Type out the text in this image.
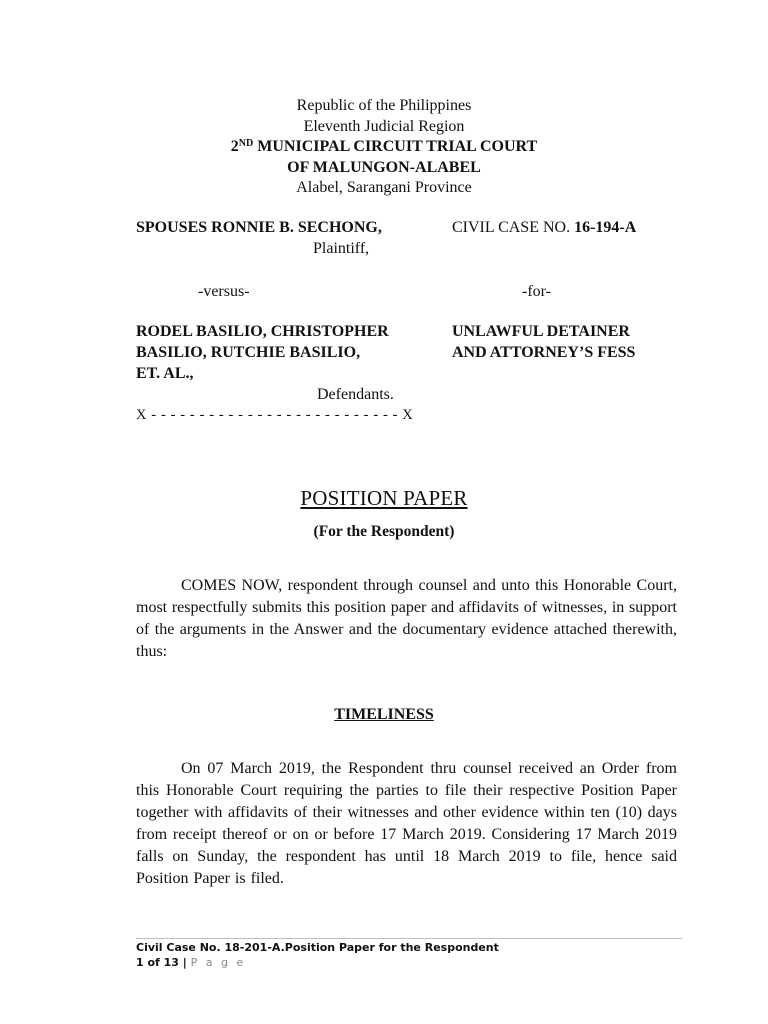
Republic of the Philippines
Eleventh Judicial Region
2ND MUNICIPAL CIRCUIT TRIAL COURT
OF MALUNGON-ALABEL
Alabel, Sarangani Province
SPOUSES RONNIE B. SECHONG,
Plaintiff,
-versus-
RODEL BASILIO, CHRISTOPHER
BASILIO, RUTCHIE BASILIO,
ET. AL.,
Defendants.
X - - - - - - - - - - - - - - - - - - - - - - - - - - X
CIVIL CASE NO. 16-194-A
-for-
UNLAWFUL DETAINER
AND ATTORNEY’S FESS
POSITION PAPER
(For the Respondent)
COMES NOW, respondent through counsel and unto this Honorable Court, most respectfully submits this position paper and affidavits of witnesses, in support of the arguments in the Answer and the documentary evidence attached therewith, thus:
TIMELINESS
On 07 March 2019, the Respondent thru counsel received an Order from this Honorable Court requiring the parties to file their respective Position Paper together with affidavits of their witnesses and other evidence within ten (10) days from receipt thereof or on or before 17 March 2019. Considering 17 March 2019 falls on Sunday, the respondent has until 18 March 2019 to file, hence said Position Paper is filed.
Civil Case No. 18-201-A.Position Paper for the Respondent
1 of 13 | P a g e
